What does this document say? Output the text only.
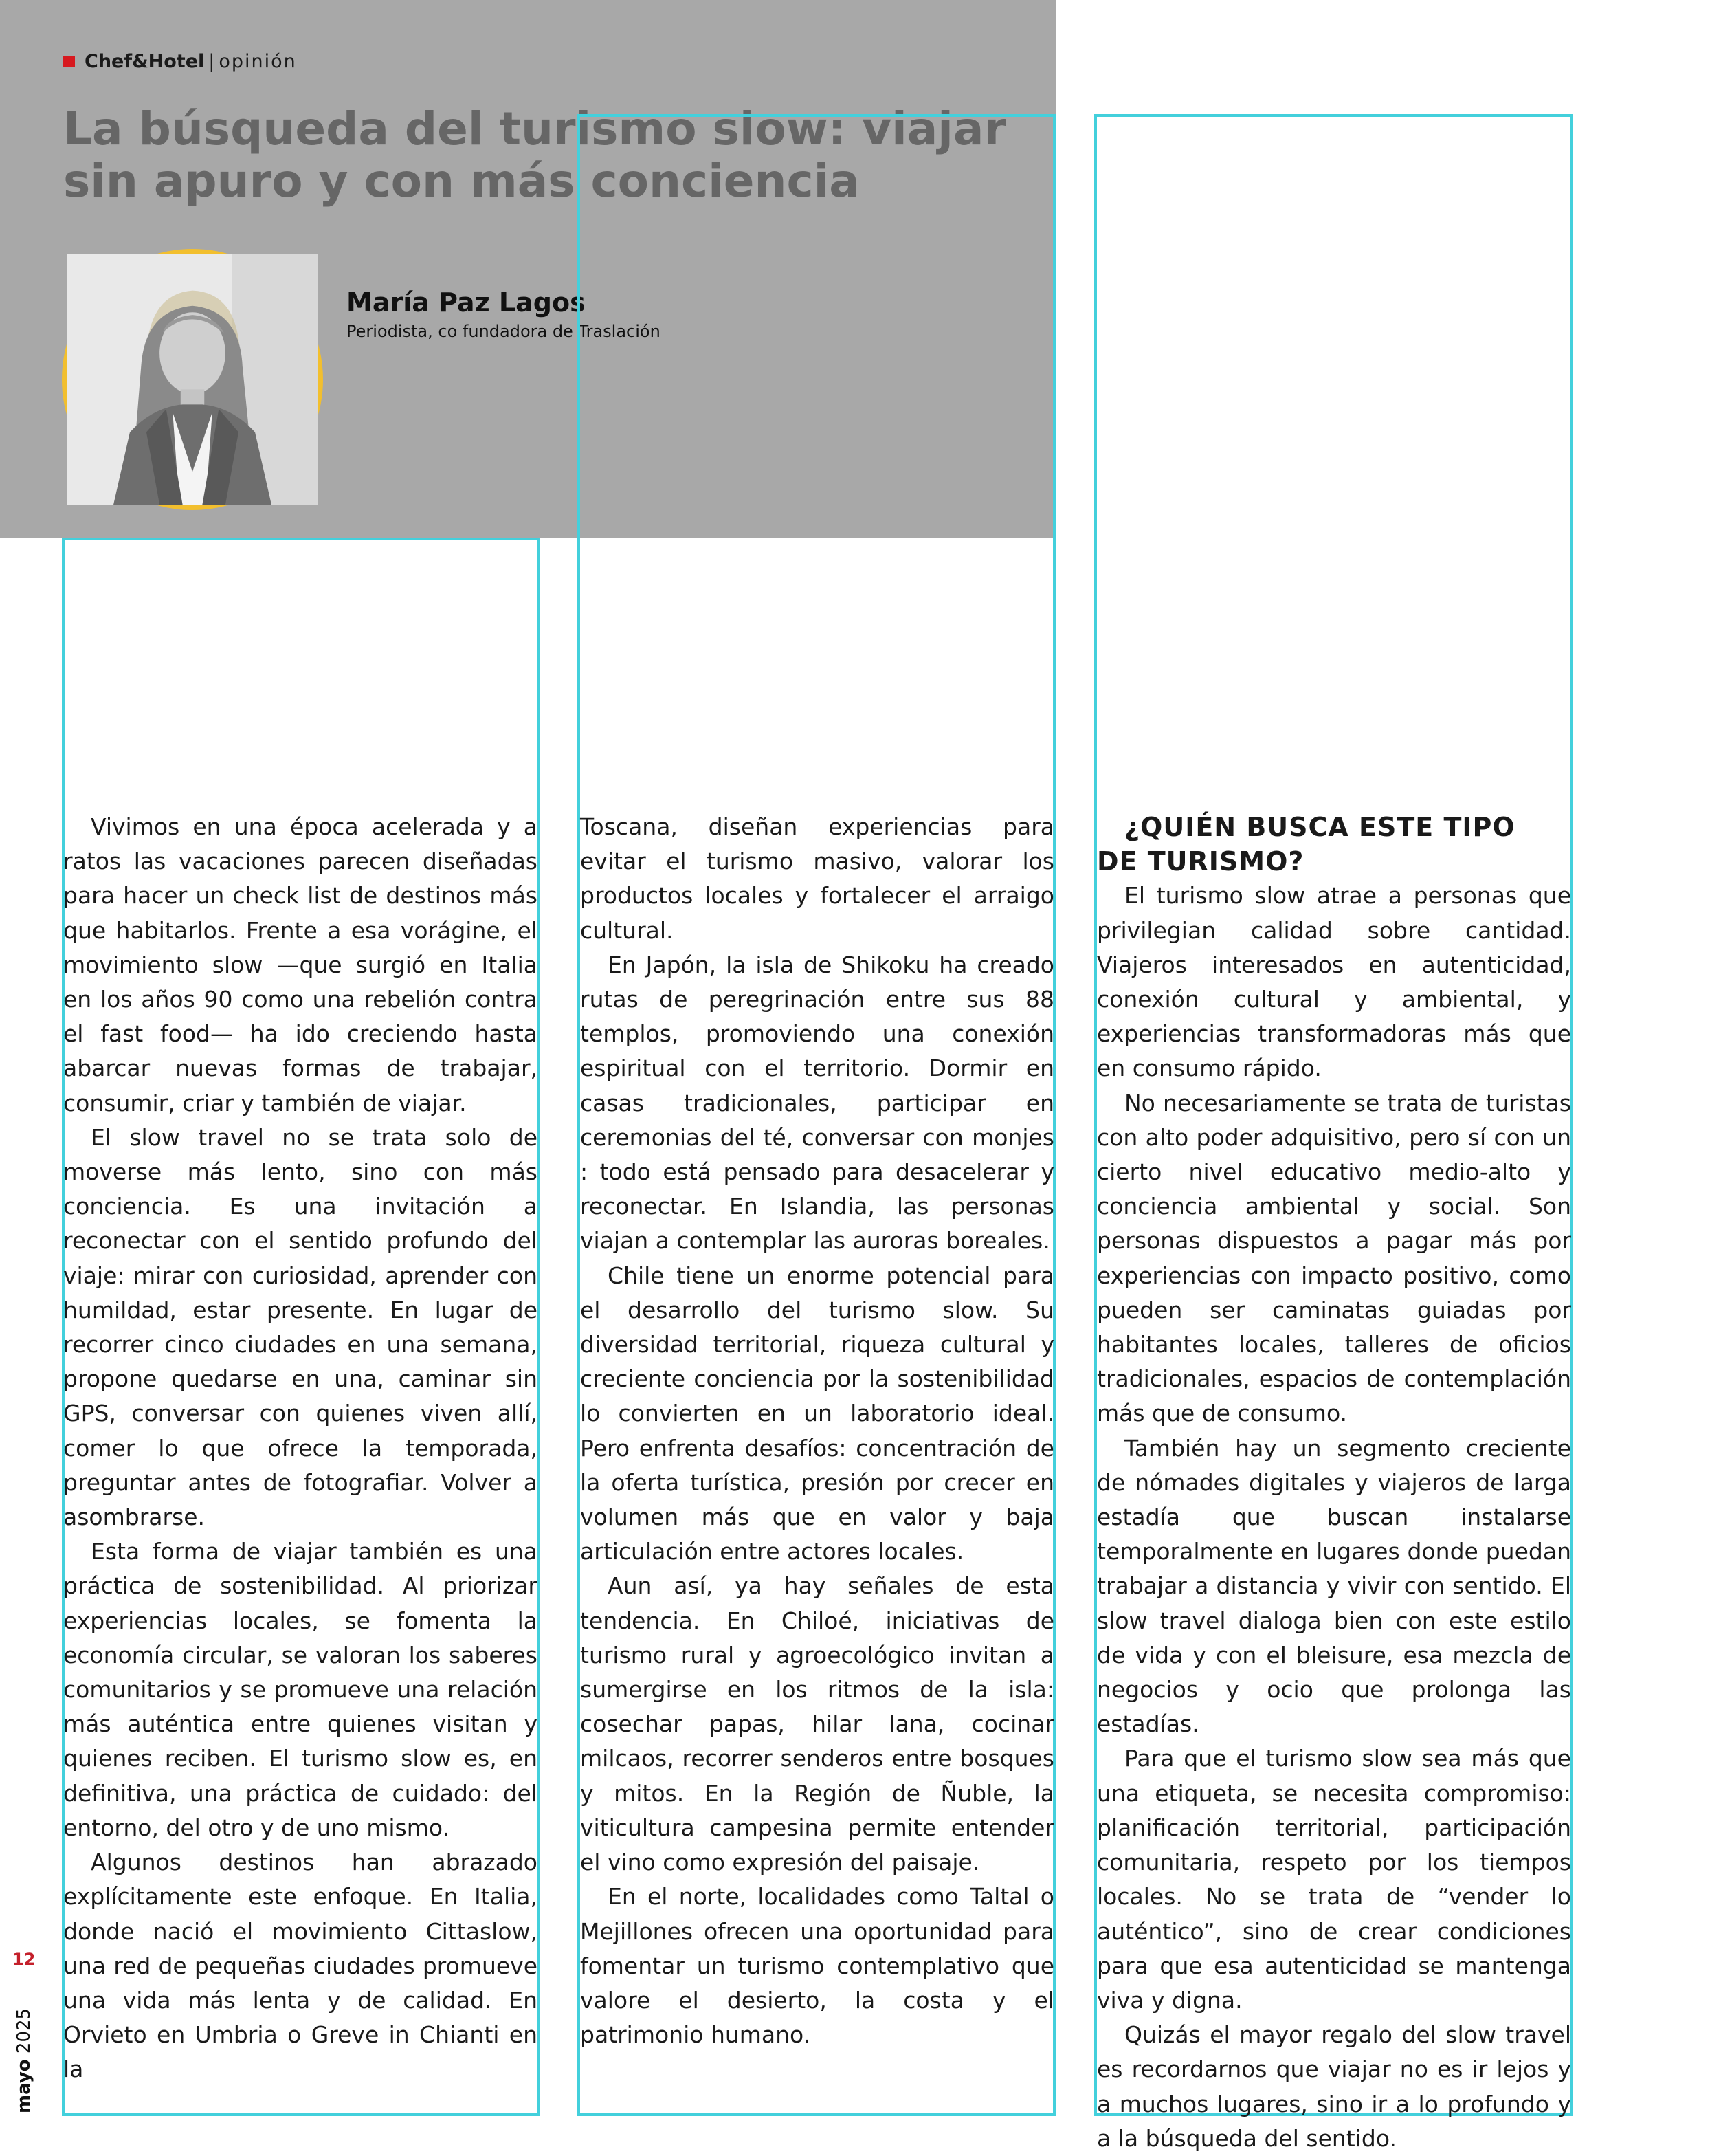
Chef&Hotel | opinión
La búsqueda del turismo slow: viajar sin apuro y con más conciencia
María Paz Lagos
Periodista, co fundadora de Traslación

Vivimos en una época acelerada y a ratos las vacaciones parecen diseñadas para hacer un check list de destinos más que habitarlos. Frente a esa vorágine, el movimiento slow —que surgió en Italia en los años 90 como una rebelión contra el fast food— ha ido creciendo hasta abarcar nuevas formas de trabajar, consumir, criar y también de viajar.

El slow travel no se trata solo de moverse más lento, sino con más conciencia. Es una invitación a reconectar con el sentido profundo del viaje: mirar con curiosidad, aprender con humildad, estar presente. En lugar de recorrer cinco ciudades en una semana, propone quedarse en una, caminar sin GPS, conversar con quienes viven allí, comer lo que ofrece la temporada, preguntar antes de fotografiar. Volver a asombrarse.

Esta forma de viajar también es una práctica de sostenibilidad. Al priorizar experiencias locales, se fomenta la economía circular, se valoran los saberes comunitarios y se promueve una relación más auténtica entre quienes visitan y quienes reciben. El turismo slow es, en definitiva, una práctica de cuidado: del entorno, del otro y de uno mismo.

Algunos destinos han abrazado explícitamente este enfoque. En Italia, donde nació el movimiento Cittaslow, una red de pequeñas ciudades promueve una vida más lenta y de calidad. En Orvieto en Umbria o Greve in Chianti en la

Toscana, diseñan experiencias para evitar el turismo masivo, valorar los productos locales y fortalecer el arraigo cultural.

En Japón, la isla de Shikoku ha creado rutas de peregrinación entre sus 88 templos, promoviendo una conexión espiritual con el territorio. Dormir en casas tradicionales, participar en ceremonias del té, conversar con monjes : todo está pensado para desacelerar y reconectar. En Islandia, las personas viajan a contemplar las auroras boreales.

Chile tiene un enorme potencial para el desarrollo del turismo slow. Su diversidad territorial, riqueza cultural y creciente conciencia por la sostenibilidad lo convierten en un laboratorio ideal. Pero enfrenta desafíos: concentración de la oferta turística, presión por crecer en volumen más que en valor y baja articulación entre actores locales.

Aun así, ya hay señales de esta tendencia. En Chiloé, iniciativas de turismo rural y agroecológico invitan a sumergirse en los ritmos de la isla: cosechar papas, hilar lana, cocinar milcaos, recorrer senderos entre bosques y mitos. En la Región de Ñuble, la viticultura campesina permite entender el vino como expresión del paisaje.

En el norte, localidades como Taltal o Mejillones ofrecen una oportunidad para fomentar un turismo contemplativo que valore el desierto, la costa y el patrimonio humano.

¿QUIÉN BUSCA ESTE TIPO
DE TURISMO?

El turismo slow atrae a personas que privilegian calidad sobre cantidad. Viajeros interesados en autenticidad, conexión cultural y ambiental, y experiencias transformadoras más que en consumo rápido.

No necesariamente se trata de turistas con alto poder adquisitivo, pero sí con un cierto nivel educativo medio-alto y conciencia ambiental y social. Son personas dispuestos a pagar más por experiencias con impacto positivo, como pueden ser caminatas guiadas por habitantes locales, talleres de oficios tradicionales, espacios de contemplación más que de consumo.

También hay un segmento creciente de nómades digitales y viajeros de larga estadía que buscan instalarse temporalmente en lugares donde puedan trabajar a distancia y vivir con sentido. El slow travel dialoga bien con este estilo de vida y con el bleisure, esa mezcla de negocios y ocio que prolonga las estadías.

Para que el turismo slow sea más que una etiqueta, se necesita compromiso: planificación territorial, participación comunitaria, respeto por los tiempos locales. No se trata de “vender lo auténtico”, sino de crear condiciones para que esa autenticidad se mantenga viva y digna.

Quizás el mayor regalo del slow travel es recordarnos que viajar no es ir lejos y a muchos lugares, sino ir a lo profundo y a la búsqueda del sentido.

12
mayo 2025
